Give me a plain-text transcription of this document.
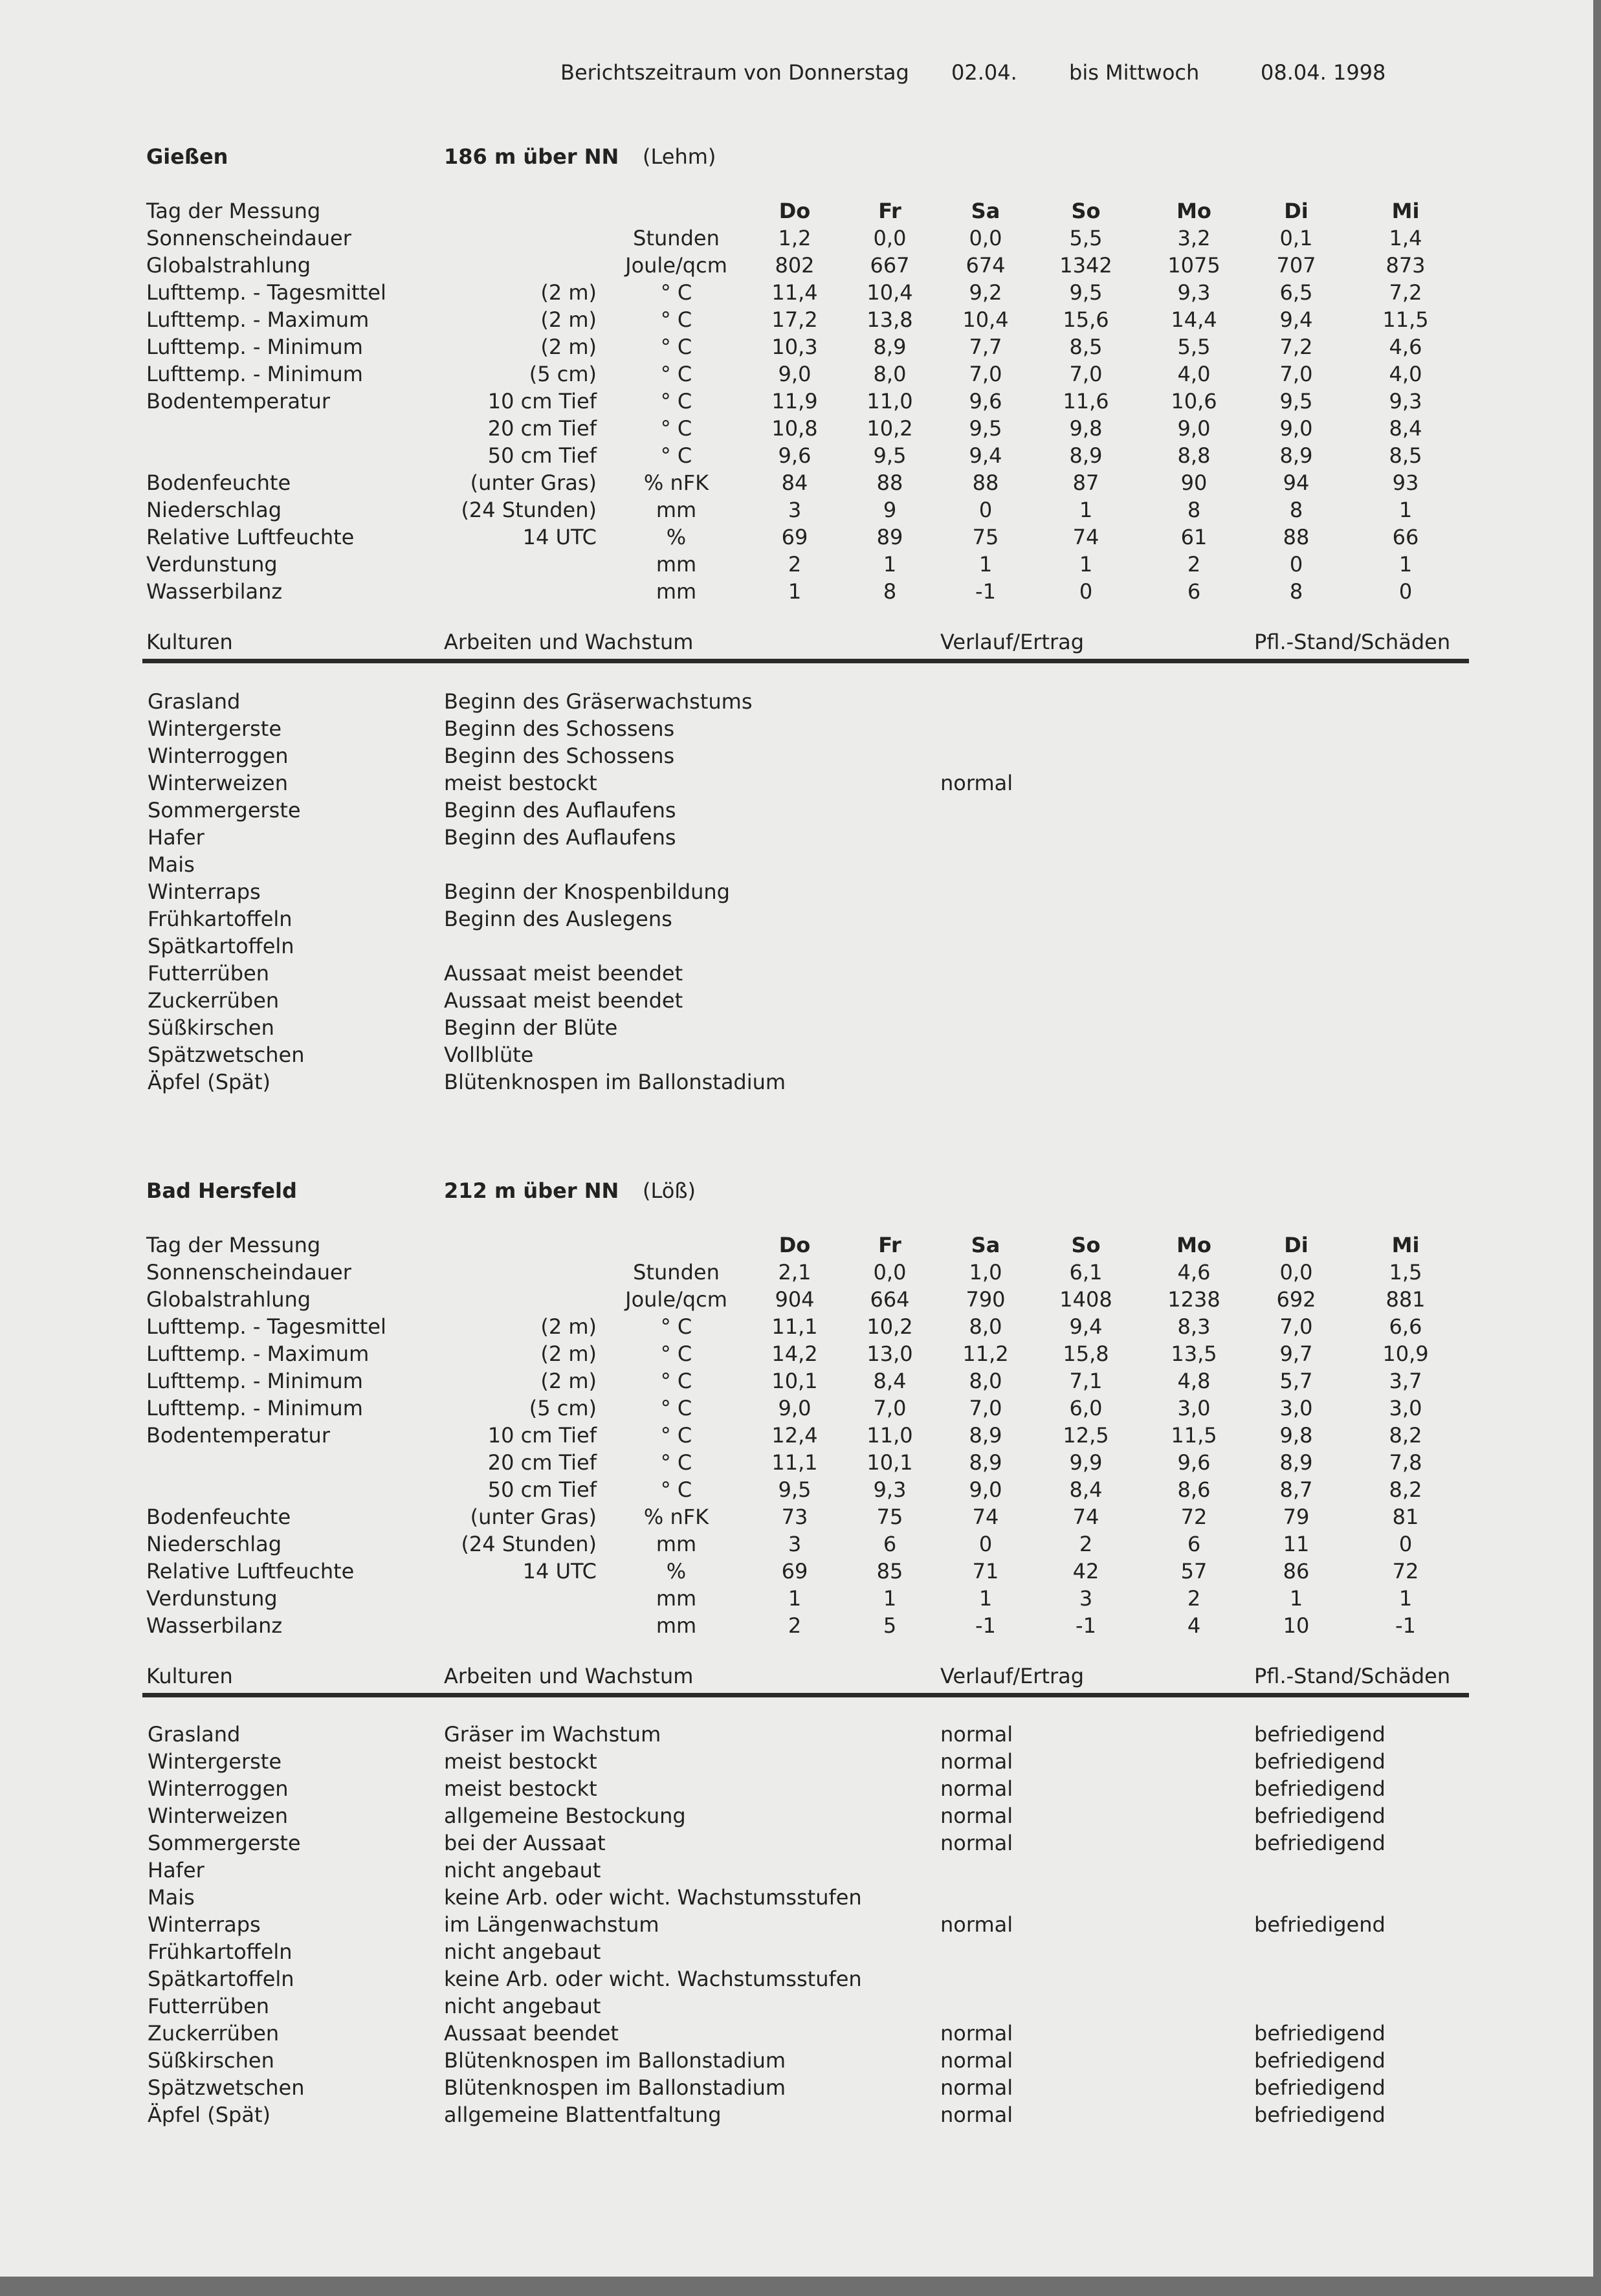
Berichtszeitraum von Donnerstag 02.04.	bis Mittwoch	08.04. 1998
Gießen	186 m über NN (Lehm)
Tag der Messung	Do	Fr	Sa	So	Mo	Di	Mi
Sonnenscheindauer	Stunden	1,2	0,0	0,0	5,5	3,2	0,1	1,4
Globalstrahlung	Joule/qcm	802	667	674	1342	1075	707	873
Lufttemp. - Tagesmittel	(2 m)	° C	11,4	10,4	9,2	9,5	9,3	6,5	7,2
Lufttemp. - Maximum	(2 m)	° C	17,2	13,8	10,4	15,6	14,4	9,4	11,5
Lufttemp. - Minimum	(2 m)	° C	10,3	8,9	7,7	8,5	5,5	7,2	4,6
Lufttemp. - Minimum	(5 cm)	° C	9,0	8,0	7,0	7,0	4,0	7,0	4,0
Bodentemperatur	10 cm Tief	° C	11,9	11,0	9,6	11,6	10,6	9,5	9,3
20 cm Tief	° C	10,8	10,2	9,5	9,8	9,0	9,0	8,4
50 cm Tief	° C	9,6	9,5	9,4	8,9	8,8	8,9	8,5
Bodenfeuchte	(unter Gras)	% nFK	84	88	88	87	90	94	93
Niederschlag	(24 Stunden)	mm	3	9	0	1	8	8	1
Relative Luftfeuchte	14 UTC	%	69	89	75	74	61	88	66
Verdunstung	mm	2	1	1	1	2	0	1
Wasserbilanz	mm	1	8	-1	0	6	8	0
Kulturen	Arbeiten und Wachstum	Verlauf/Ertrag	Pfl.-Stand/Schäden
Grasland	Beginn des Gräserwachstums
Wintergerste	Beginn des Schossens
Winterroggen	Beginn des Schossens
Winterweizen	meist bestockt	normal
Sommergerste	Beginn des Auflaufens
Hafer	Beginn des Auflaufens
Mais
Winterraps	Beginn der Knospenbildung
Frühkartoffeln	Beginn des Auslegens
Spätkartoffeln
Futterrüben	Aussaat meist beendet
Zuckerrüben	Aussaat meist beendet
Süßkirschen	Beginn der Blüte
Spätzwetschen	Vollblüte
Äpfel (Spät)	Blütenknospen im Ballonstadium
Bad Hersfeld	212 m über NN (Löß)
Tag der Messung	Do	Fr	Sa	So	Mo	Di	Mi
Sonnenscheindauer	Stunden	2,1	0,0	1,0	6,1	4,6	0,0	1,5
Globalstrahlung	Joule/qcm	904	664	790	1408	1238	692	881
Lufttemp. - Tagesmittel	(2 m)	° C	11,1	10,2	8,0	9,4	8,3	7,0	6,6
Lufttemp. - Maximum	(2 m)	° C	14,2	13,0	11,2	15,8	13,5	9,7	10,9
Lufttemp. - Minimum	(2 m)	° C	10,1	8,4	8,0	7,1	4,8	5,7	3,7
Lufttemp. - Minimum	(5 cm)	° C	9,0	7,0	7,0	6,0	3,0	3,0	3,0
Bodentemperatur	10 cm Tief	° C	12,4	11,0	8,9	12,5	11,5	9,8	8,2
20 cm Tief	° C	11,1	10,1	8,9	9,9	9,6	8,9	7,8
50 cm Tief	° C	9,5	9,3	9,0	8,4	8,6	8,7	8,2
Bodenfeuchte	(unter Gras)	% nFK	73	75	74	74	72	79	81
Niederschlag	(24 Stunden)	mm	3	6	0	2	6	11	0
Relative Luftfeuchte	14 UTC	%	69	85	71	42	57	86	72
Verdunstung	mm	1	1	1	3	2	1	1
Wasserbilanz	mm	2	5	-1	-1	4	10	-1
Kulturen	Arbeiten und Wachstum	Verlauf/Ertrag	Pfl.-Stand/Schäden
Grasland	Gräser im Wachstum	normal	befriedigend
Wintergerste	meist bestockt	normal	befriedigend
Winterroggen	meist bestockt	normal	befriedigend
Winterweizen	allgemeine Bestockung	normal	befriedigend
Sommergerste	bei der Aussaat	normal	befriedigend
Hafer	nicht angebaut
Mais	keine Arb. oder wicht. Wachstumsstufen
Winterraps	im Längenwachstum	normal	befriedigend
Frühkartoffeln	nicht angebaut
Spätkartoffeln	keine Arb. oder wicht. Wachstumsstufen
Futterrüben	nicht angebaut
Zuckerrüben	Aussaat beendet	normal	befriedigend
Süßkirschen	Blütenknospen im Ballonstadium	normal	befriedigend
Spätzwetschen	Blütenknospen im Ballonstadium	normal	befriedigend
Äpfel (Spät)	allgemeine Blattentfaltung	normal	befriedigend
